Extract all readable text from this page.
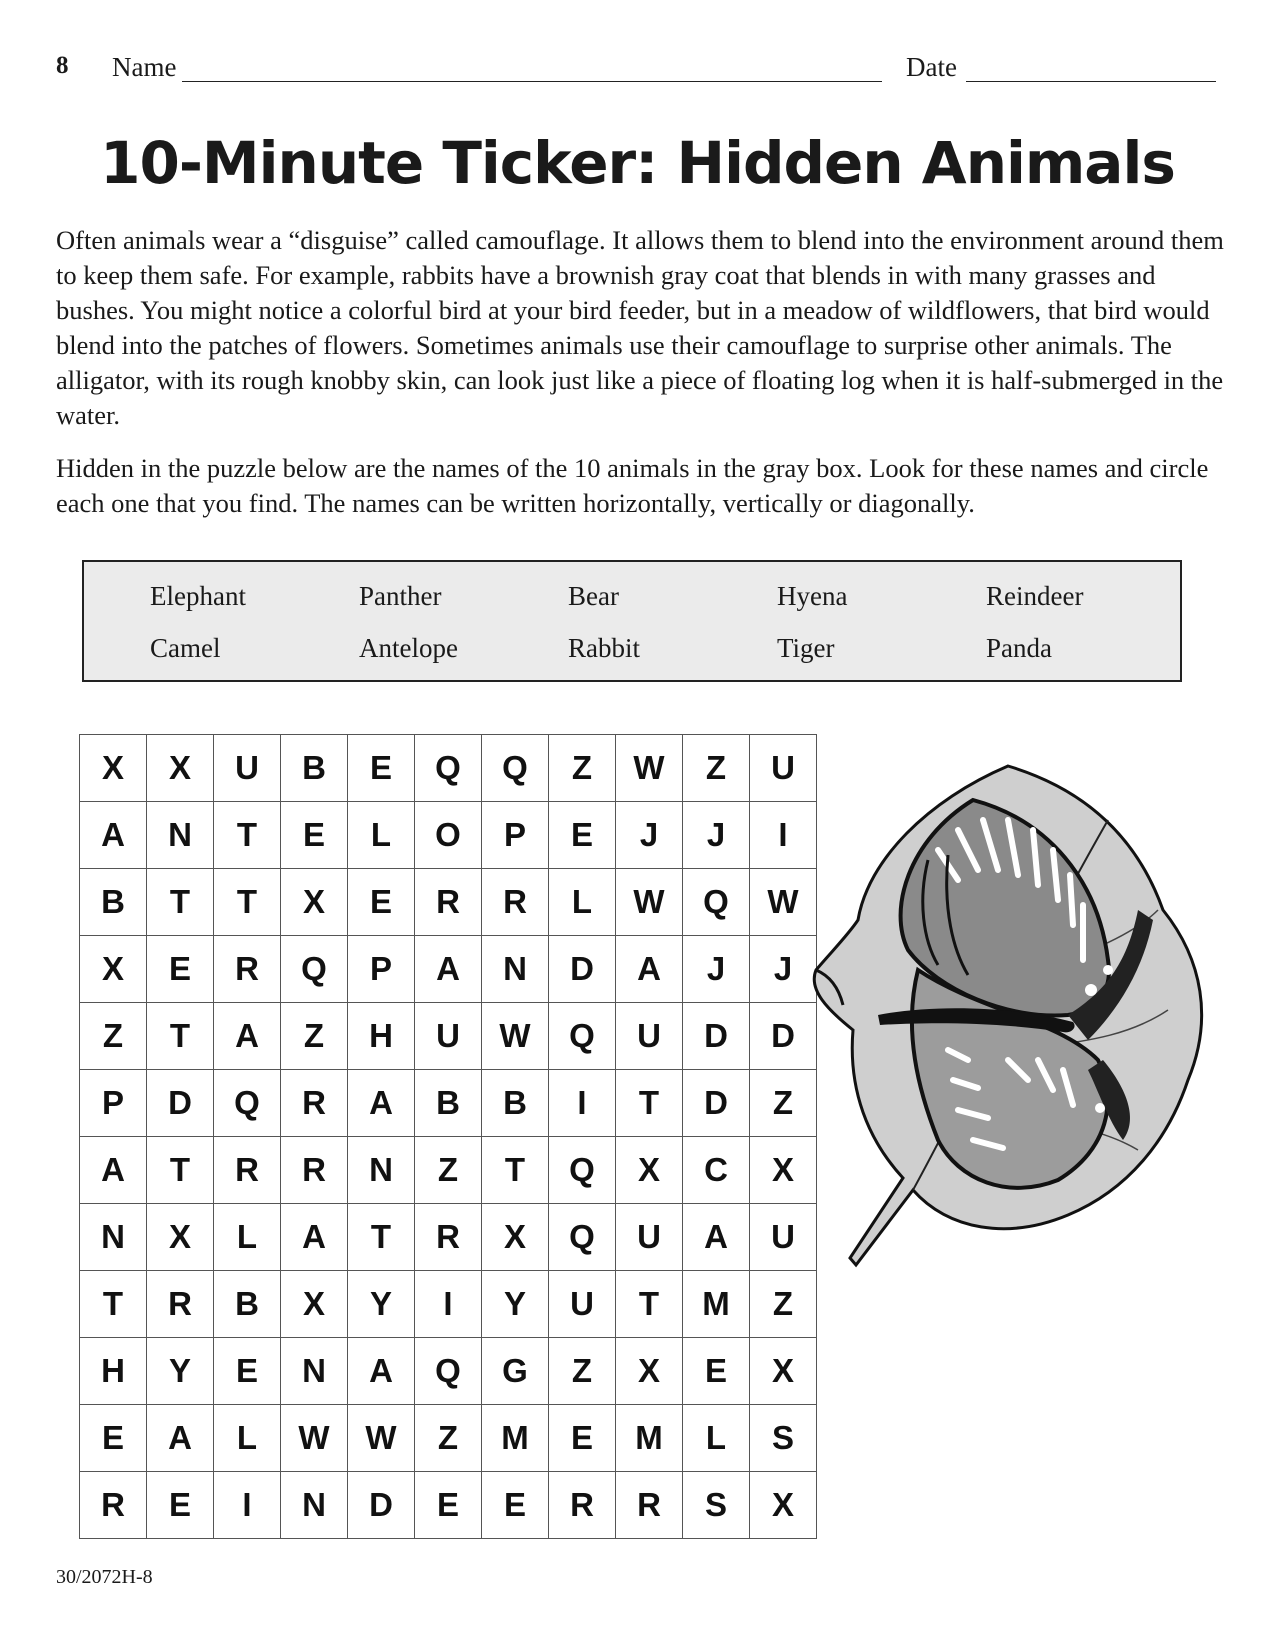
8 Name	Date
10-Minute Ticker: Hidden Animals

Often animals wear a “disguise” called camouflage. It allows them to blend into the environment around them to keep them safe. For example, rabbits have a brownish gray coat that blends in with many grasses and bushes. You might notice a colorful bird at your bird feeder, but in a meadow of wildflowers, that bird would blend into the patches of flowers. Sometimes animals use their camouflage to surprise other animals. The alligator, with its rough knobby skin, can look just like a piece of floating log when it is half-submerged in the water.

Hidden in the puzzle below are the names of the 10 animals in the gray box. Look for these names and circle each one that you find. The names can be written horizontally, vertically or diagonally.

Elephant	Panther	Bear	Hyena	Reindeer
Camel	Antelope	Rabbit	Tiger	Panda
X	X	U	B	E	Q	Q	Z	W	Z	U
A	N	T	E	L	O	P	E	J	J	I
B	T	T	X	E	R	R	L	W	Q	W
X	E	R	Q	P	A	N	D	A	J	J
Z	T	A	Z	H	U	W	Q	U	D	D
P	D	Q	R	A	B	B	I	T	D	Z
A	T	R	R	N	Z	T	Q	X	C	X
N	X	L	A	T	R	X	Q	U	A	U
T	R	B	X	Y	I	Y	U	T	M	Z
H	Y	E	N	A	Q	G	Z	X	E	X
E	A	L	W	W	Z	M	E	M	L	S
R	E	I	N	D	E	E	R	R	S	X
30/2072H-8
